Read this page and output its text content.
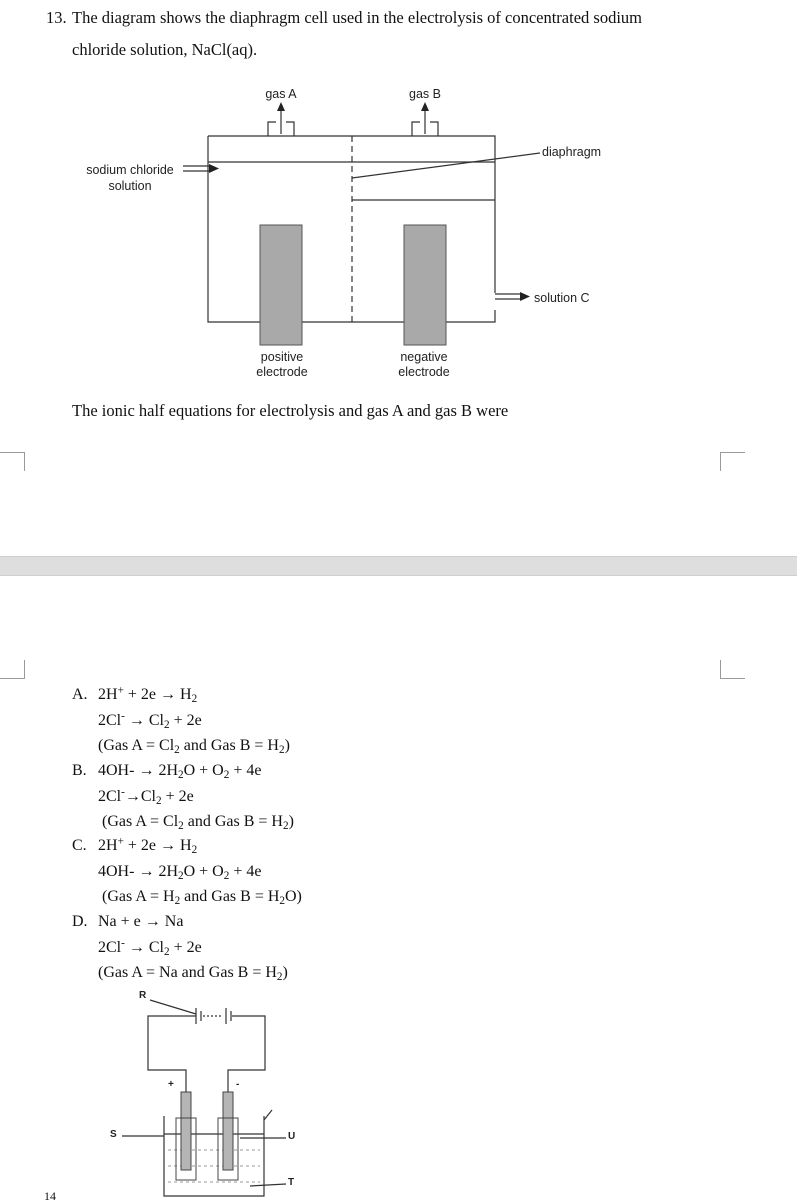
13. The diagram shows the diaphragm cell used in the electrolysis of concentrated sodium
chloride solution, NaCl(aq).
gas A	gas B
diaphragm
sodium chloride
solution
solution C
positive
electrode
negative
electrode
The ionic half equations for electrolysis and gas A and gas B were
A. $2H^+ + 2e \to H_2$
$2Cl^- \to Cl_2 + 2e$
(Gas $A = Cl_2$ and Gas $B = H_2$)
B. $4OH- \to 2H_2O + O_2 + 4e$
$2Cl^-\to Cl_2 + 2e$
(Gas $A = Cl_2$ and Gas $B = H_2$)
C. $2H^+ + 2e \to H_2$
$4OH- \to 2H_2O + O_2 + 4e$
(Gas $A = H_2$ and Gas $B = H_2O$)
D. Na + e → Na
$2Cl^- \to Cl_2 + 2e$
(Gas A = Na and Gas $B = H_2$)
R
S	U
T
+	-
14
